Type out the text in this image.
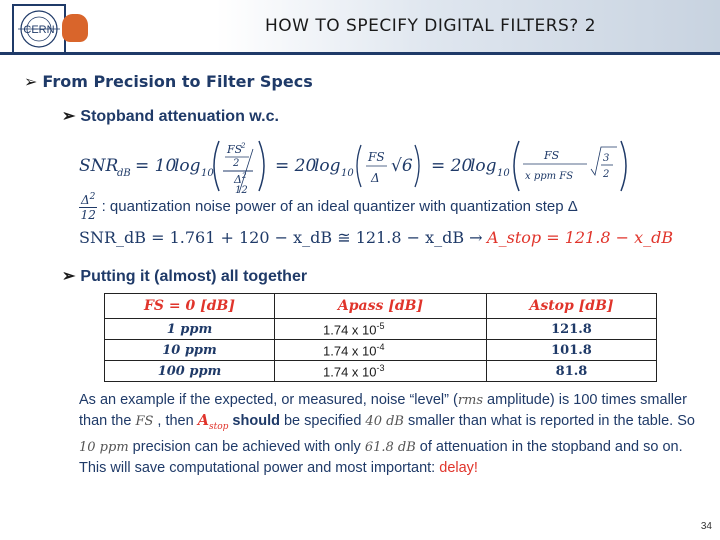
CERN	HOW TO SPECIFY DIGITAL FILTERS? 2
➢ From Precision to Filter Specs
➢ Stopband attenuation w.c.
SNR
dB = 10
log 10
FS
2
2
Δ 2
12
= 20
log 10
FS
Δ
√6 = 20
log 10
FS
x ppm FS
3
2
$\frac{\Delta^2}{12}$ : quantization noise power of an ideal quantizer with quantization step Δ
SNR_dB = 1.761 + 120 − x_dB ≅ 121.8 − x_dB → A_stop = 121.8 − x_dB
➢ Putting it (almost) all together
FS = 0 [dB]	Apass [dB]	Astop [dB]
1 ppm	1.74 x $10^{-5}$	121.8
10 ppm	1.74 x $10^{-4}$	101.8
100 ppm	1.74 x $10^{-3}$	81.8
As an example if the expected, or measured, noise “level” (rms amplitude) is 100 times smaller than the FS , then $A_{stop}$ should be specified 40 dB smaller than what is reported in the table. So 10 ppm precision can be achieved with only 61.8 dB of attenuation in the stopband and so on. This will save computational power and most important: delay!
34
